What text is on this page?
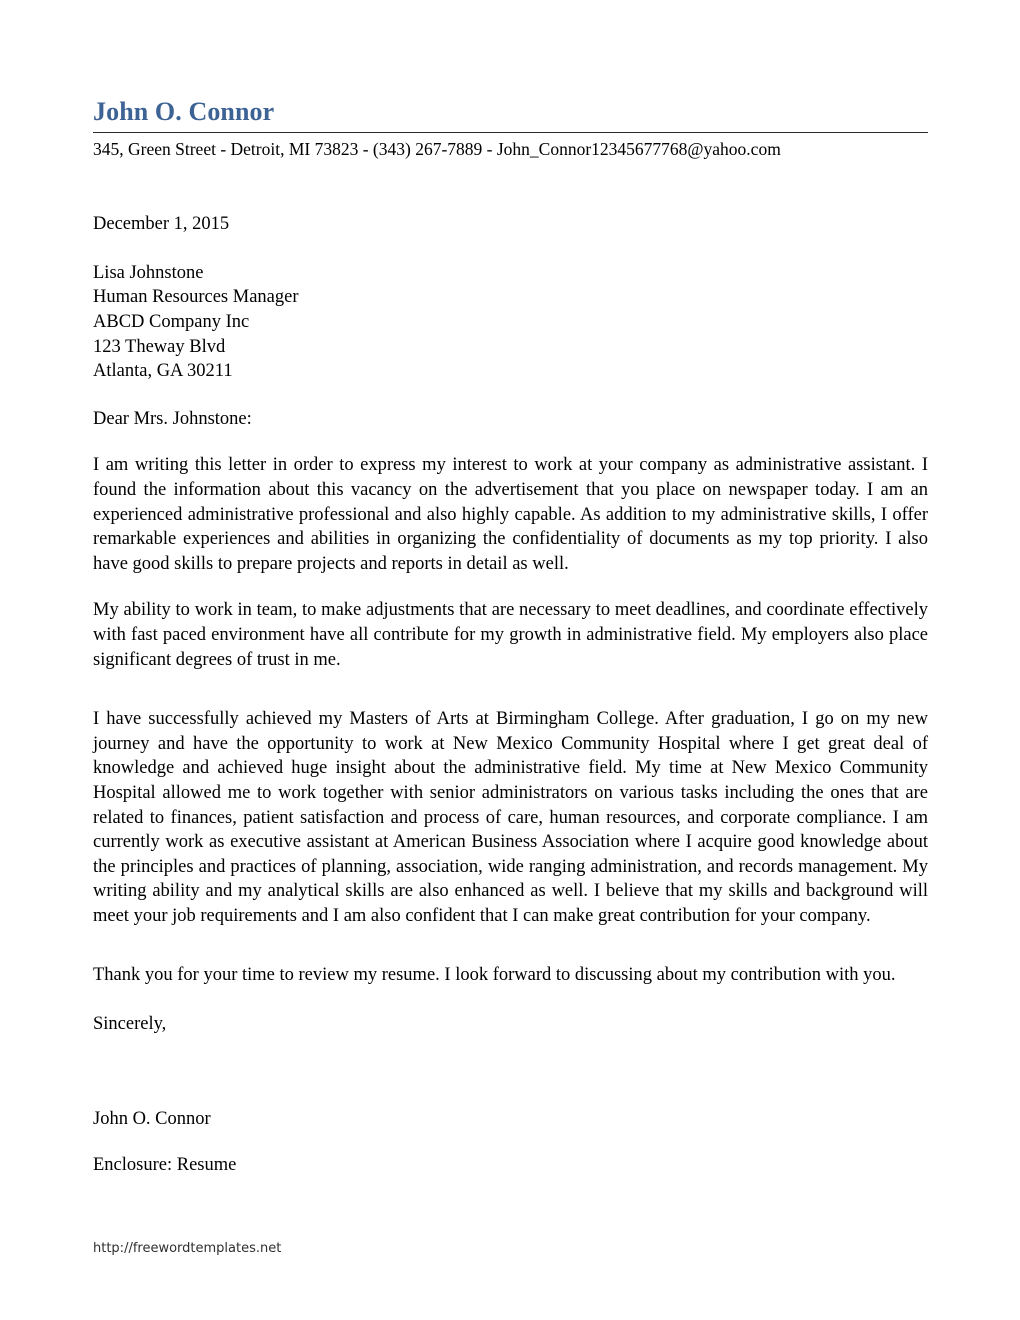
John O. Connor
345, Green Street - Detroit, MI 73823 - (343) 267-7889 - John_Connor12345677768@yahoo.com
December 1, 2015
Lisa Johnstone
Human Resources Manager
ABCD Company Inc
123 Theway Blvd
Atlanta, GA 30211
Dear Mrs. Johnstone:
I am writing this letter in order to express my interest to work at your company as administrative assistant. I found the information about this vacancy on the advertisement that you place on newspaper today. I am an experienced administrative professional and also highly capable. As addition to my administrative skills, I offer remarkable experiences and abilities in organizing the confidentiality of documents as my top priority. I also have good skills to prepare projects and reports in detail as well.
My ability to work in team, to make adjustments that are necessary to meet deadlines, and coordinate effectively with fast paced environment have all contribute for my growth in administrative field. My employers also place significant degrees of trust in me.
I have successfully achieved my Masters of Arts at Birmingham College. After graduation, I go on my new journey and have the opportunity to work at New Mexico Community Hospital where I get great deal of knowledge and achieved huge insight about the administrative field. My time at New Mexico Community Hospital allowed me to work together with senior administrators on various tasks including the ones that are related to finances, patient satisfaction and process of care, human resources, and corporate compliance. I am currently work as executive assistant at American Business Association where I acquire good knowledge about the principles and practices of planning, association, wide ranging administration, and records management. My writing ability and my analytical skills are also enhanced as well. I believe that my skills and background will meet your job requirements and I am also confident that I can make great contribution for your company.
Thank you for your time to review my resume. I look forward to discussing about my contribution with you.
Sincerely,
John O. Connor
Enclosure: Resume
http://freewordtemplates.net
